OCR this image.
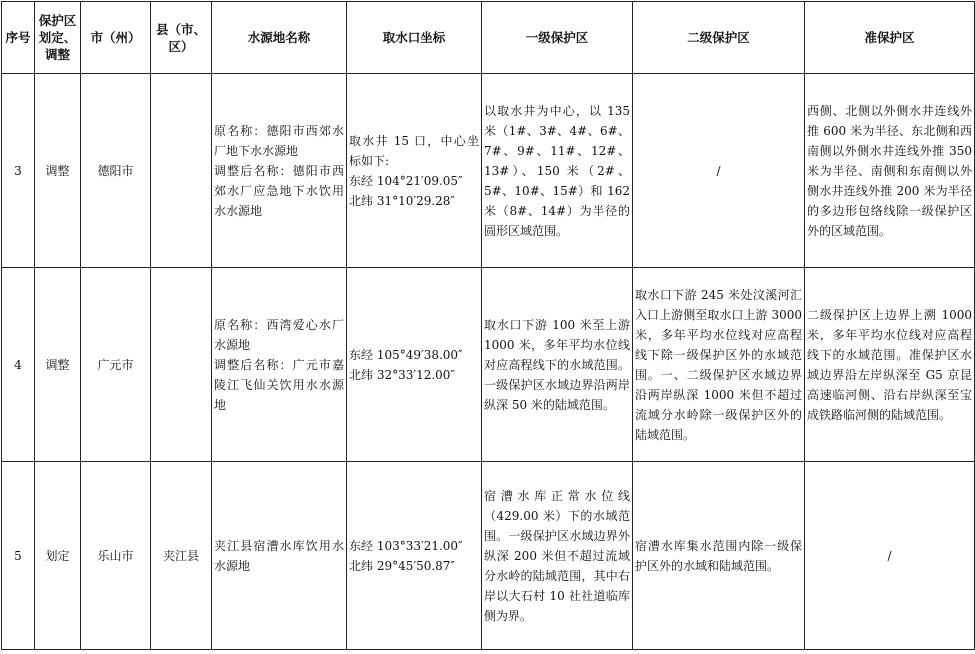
序号	保护区划定、调整	市（州）	县（市、区）	水源地名称	取水口坐标	一级保护区	二级保护区	准保护区
3	调整	德阳市		原名称：德阳市西郊水厂地下水水源地
调整后名称：德阳市西郊水厂应急地下水饮用水水源地	取水井 15 口，中心坐标如下:
东经 104°21′09.05″
北纬 31°10′29.28″	以取水井为中心，以 135 米（1#、3#、4#、6#、7#、9#、11#、12#、13#）、150 米（2#、5#、10#、15#）和 162 米（8#、14#）为半径的圆形区域范围。	/	西侧、北侧以外侧水井连线外推 600 米为半径、东北侧和西南侧以外侧水井连线外推 350 米为半径、南侧和东南侧以外侧水井连线外推 200 米为半径的多边形包络线除一级保护区外的区域范围。
4	调整	广元市		原名称：西湾爱心水厂水源地
调整后名称：广元市嘉陵江飞仙关饮用水水源地	东经 105°49′38.00″
北纬 32°33′12.00″	取水口下游 100 米至上游 1000 米，多年平均水位线对应高程线下的水域范围。一级保护区水域边界沿两岸纵深 50 米的陆域范围。	取水口下游 245 米处汶溪河汇入口上游侧至取水口上游 3000 米，多年平均水位线对应高程线下除一级保护区外的水域范围。一、二级保护区水域边界沿两岸纵深 1000 米但不超过流域分水岭除一级保护区外的陆域范围。	二级保护区上边界上溯 1000 米，多年平均水位线对应高程线下的水域范围。准保护区水域边界沿左岸纵深至 G5 京昆高速临河侧、沿右岸纵深至宝成铁路临河侧的陆域范围。
5	划定	乐山市	夹江县	夹江县宿漕水库饮用水水源地	东经 103°33′21.00″
北纬 29°45′50.87″	宿漕水库正常水位线（429.00 米）下的水域范围。一级保护区水域边界外纵深 200 米但不超过流域分水岭的陆域范围，其中右岸以大石村 10 社社道临库侧为界。	宿漕水库集水范围内除一级保护区外的水域和陆域范围。	/
